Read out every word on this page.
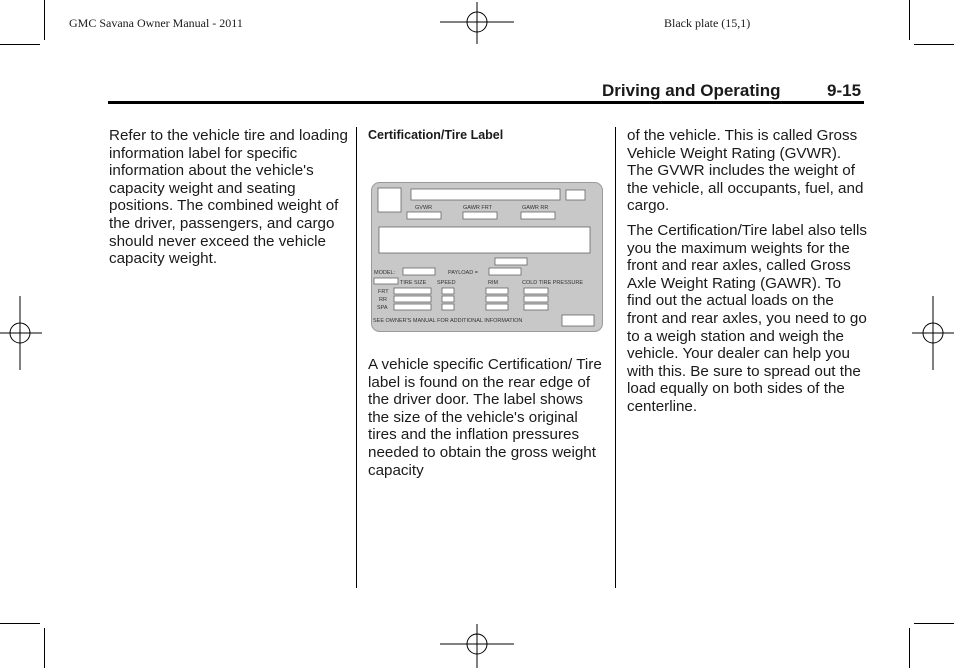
GMC Savana Owner Manual - 2011	Black plate (15,1)
Driving and Operating	9-15

Refer to the vehicle tire and loading information label for specific information about the vehicle's capacity weight and seating positions. The combined weight of the driver, passengers, and cargo should never exceed the vehicle capacity weight.

Certification/Tire Label
GVWR	GAWR FRT	GAWR RR
MODEL:	PAYLOAD =
TIRE SIZE SPEED	RIM	COLD TIRE PRESSURE
FRT
RR
SPA
SEE OWNER'S MANUAL FOR ADDITIONAL INFORMATION

A vehicle specific Certification/ Tire label is found on the rear edge of the driver door. The label shows the size of the vehicle's original tires and the inflation pressures needed to obtain the gross weight capacity

of the vehicle. This is called Gross Vehicle Weight Rating (GVWR). The GVWR includes the weight of the vehicle, all occupants, fuel, and cargo.

The Certification/Tire label also tells you the maximum weights for the front and rear axles, called Gross Axle Weight Rating (GAWR). To find out the actual loads on the front and rear axles, you need to go to a weigh station and weigh the vehicle. Your dealer can help you with this. Be sure to spread out the load equally on both sides of the centerline.
